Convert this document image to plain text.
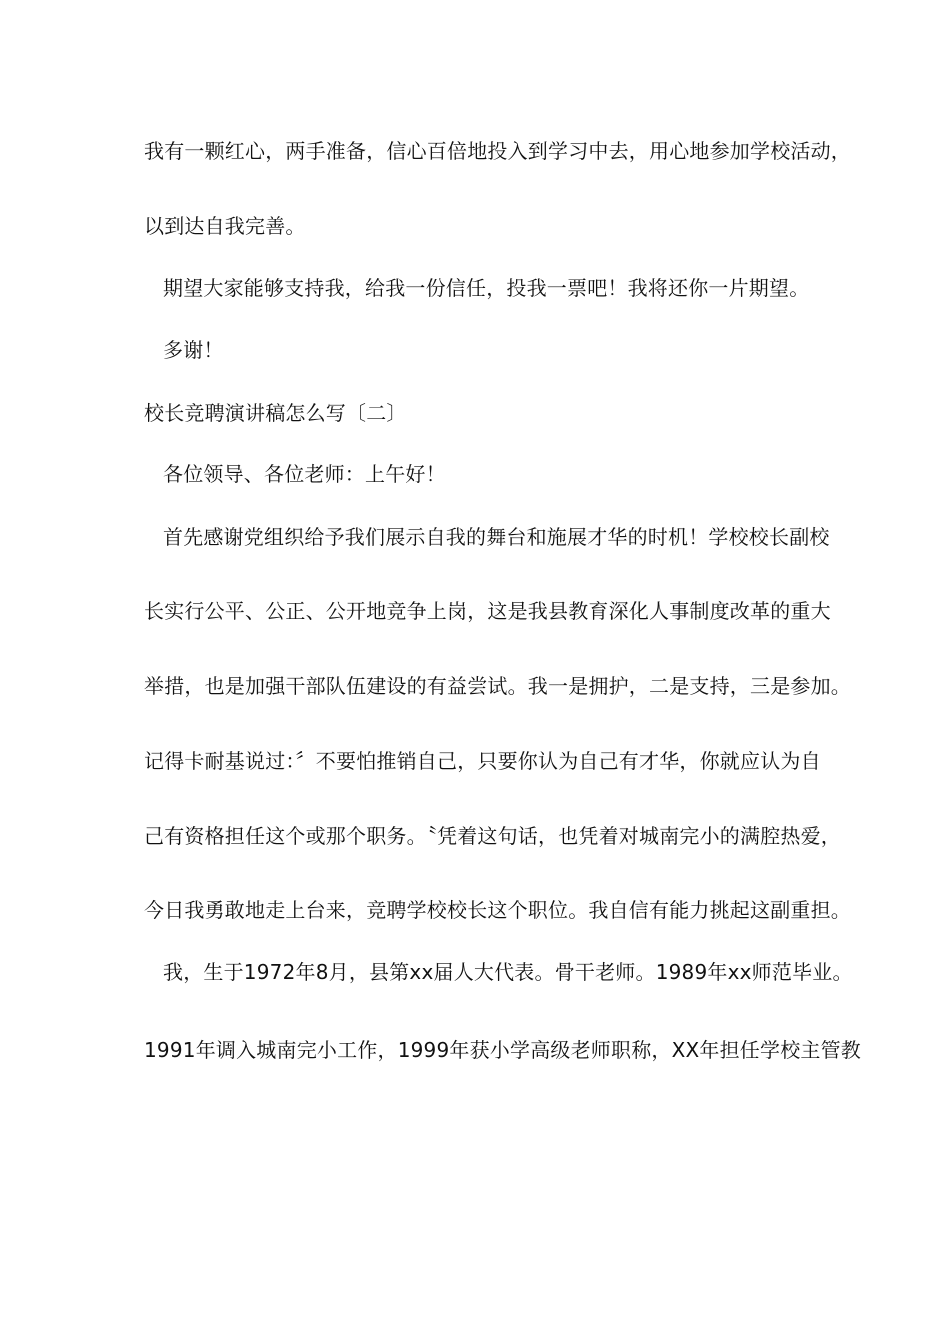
我有一颗红心，两手准备，信心百倍地投入到学习中去，用心地参加学校活动，
以到达自我完善。
期望大家能够支持我，给我一份信任，投我一票吧！我将还你一片期望。
多谢！
校长竞聘演讲稿怎么写〔二〕
各位领导、各位老师：上午好！
首先感谢党组织给予我们展示自我的舞台和施展才华的时机！学校校长副校
长实行公平、公正、公开地竞争上岗，这是我县教育深化人事制度改革的重大
举措，也是加强干部队伍建设的有益尝试。我一是拥护，二是支持，三是参加。
记得卡耐基说过：〞不要怕推销自己，只要你认为自己有才华，你就应认为自
己有资格担任这个或那个职务。〝凭着这句话，也凭着对城南完小的满腔热爱，
今日我勇敢地走上台来，竞聘学校校长这个职位。我自信有能力挑起这副重担。
我，生于1972年8月，县第xx届人大代表。骨干老师。1989年xx师范毕业。
1991年调入城南完小工作，1999年获小学高级老师职称，XX年担任学校主管教
